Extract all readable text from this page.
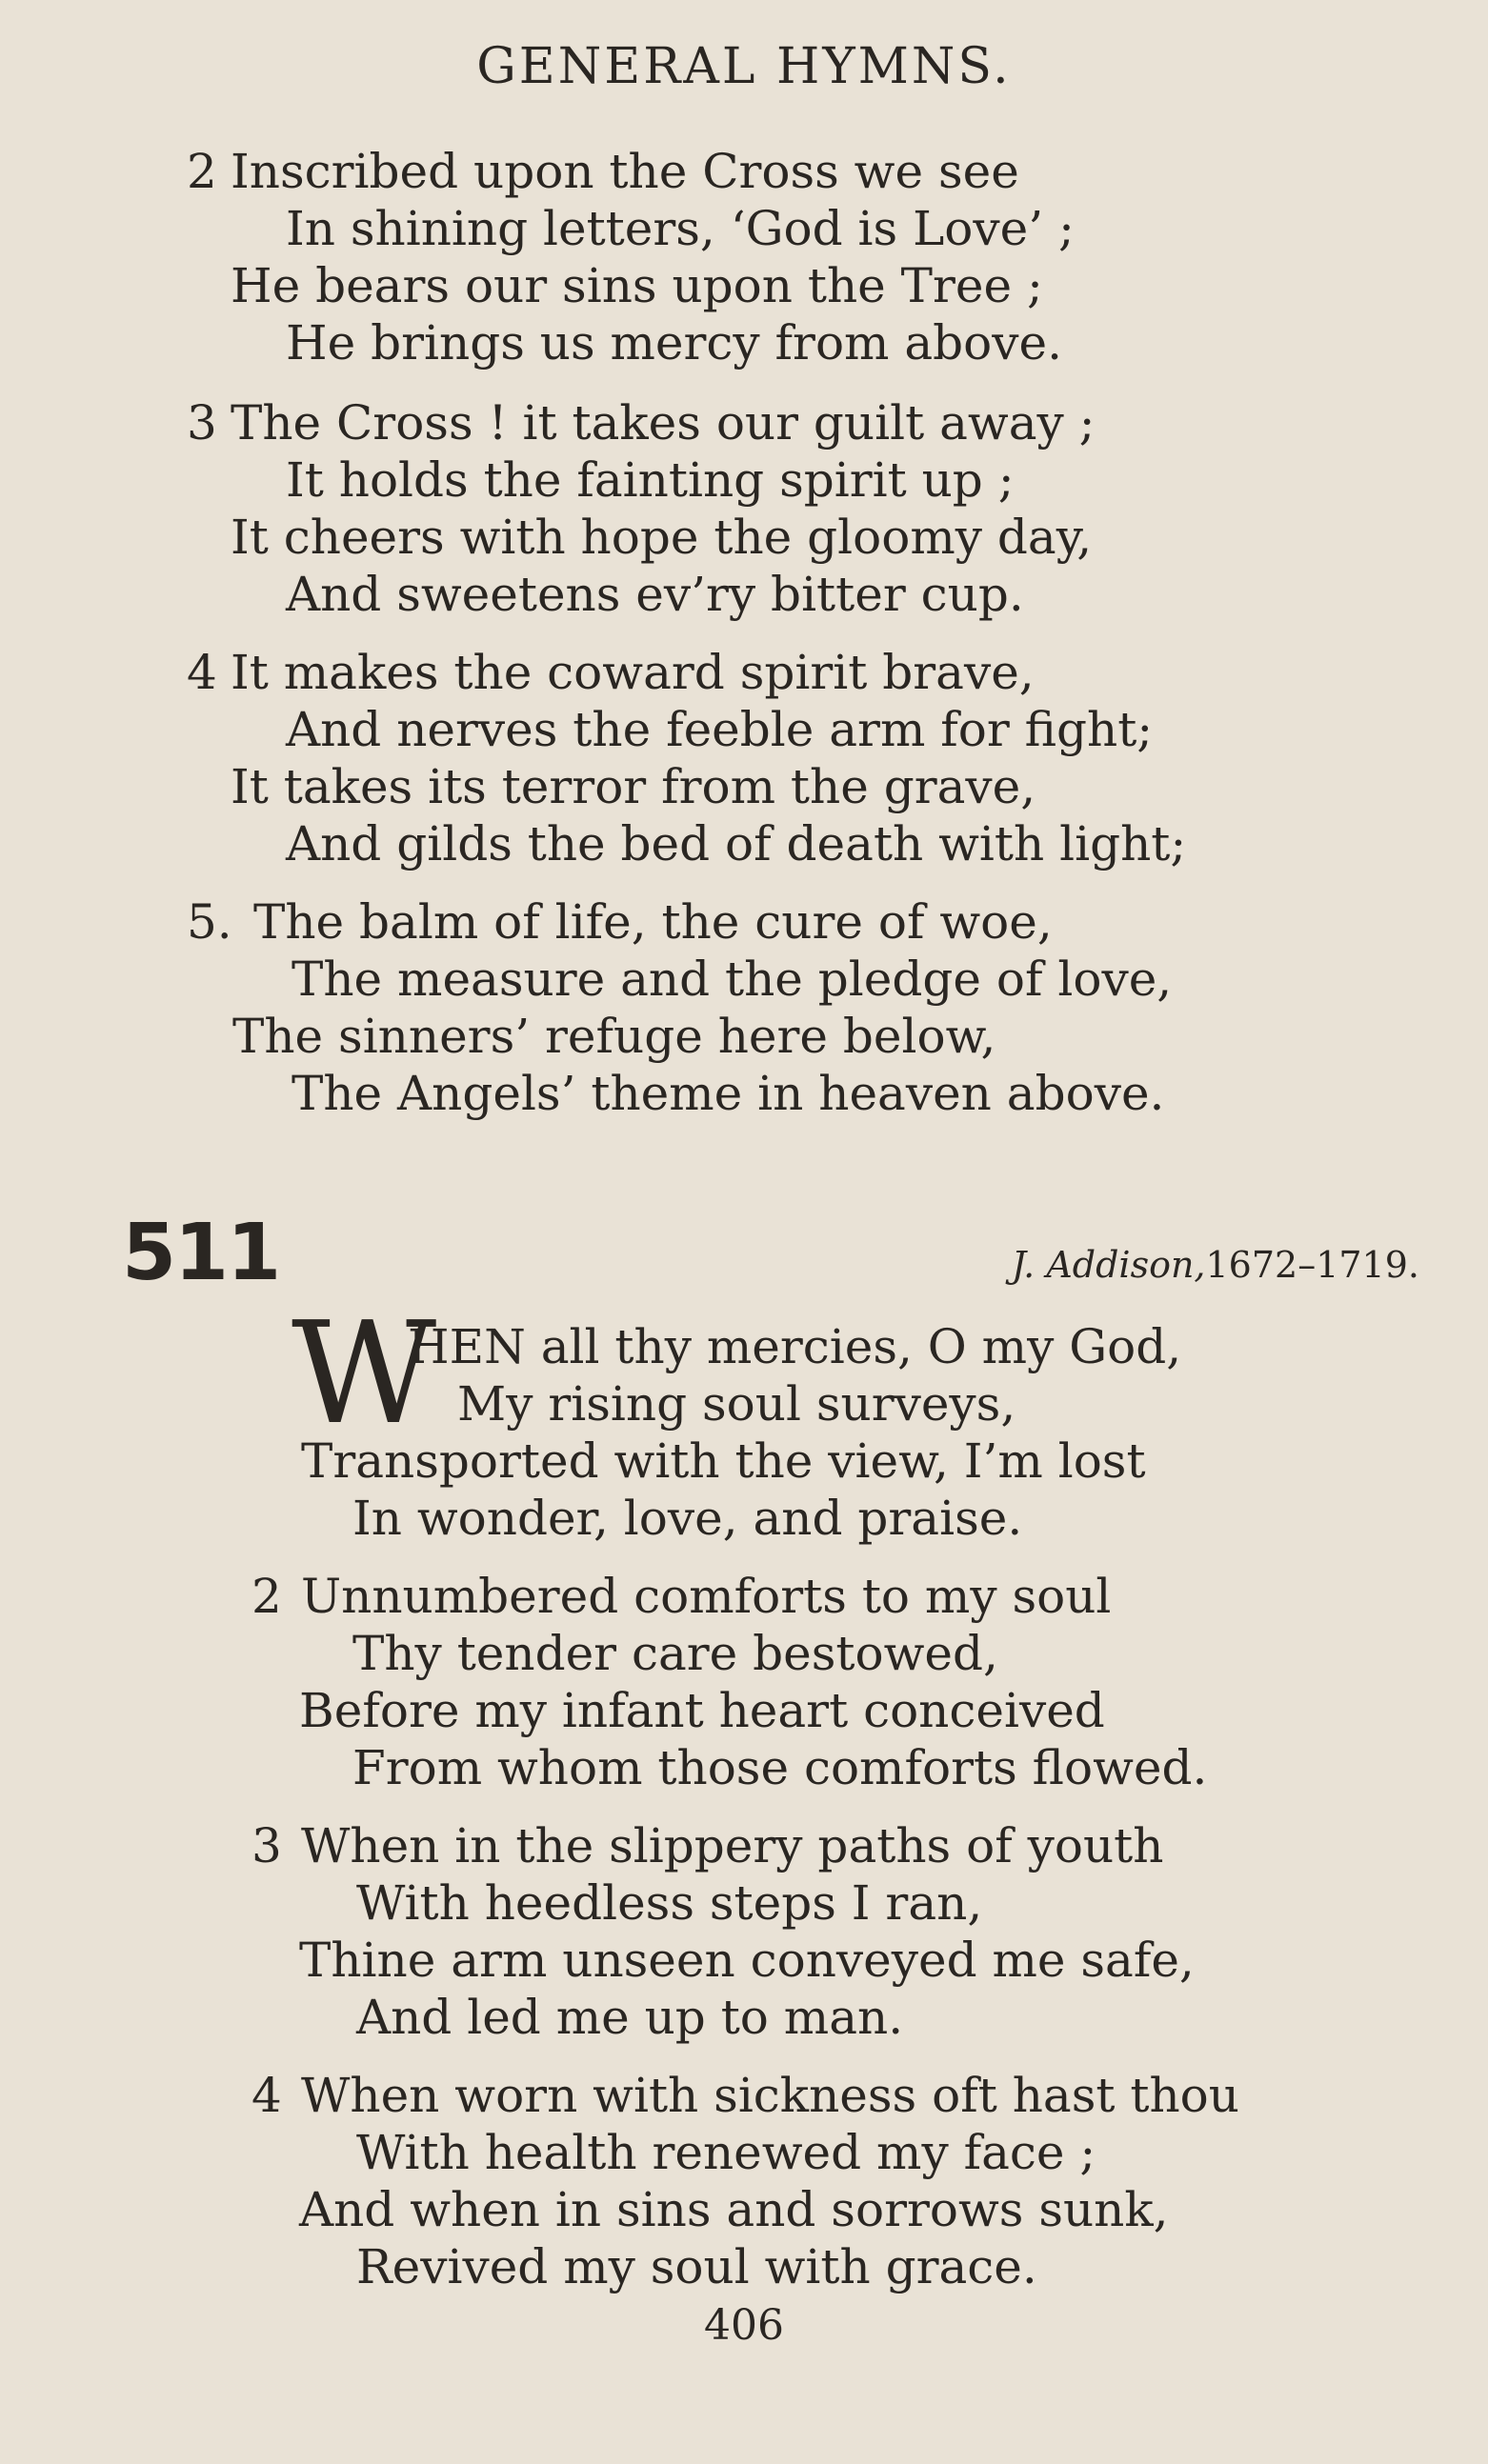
GENERAL HYMNS.
2 Inscribed upon the Cross we see
In shining letters, ‘God is Love’ ;
He bears our sins upon the Tree ;
He brings us mercy from above.
3 The Cross ! it takes our guilt away ;
It holds the fainting spirit up ;
It cheers with hope the gloomy day,
And sweetens ev’ry bitter cup.
4 It makes the coward spirit brave,
And nerves the feeble arm for fight;
It takes its terror from the grave,
And gilds the bed of death with light;
5. The balm of life, the cure of woe,
The measure and the pledge of love,
The sinners’ refuge here below,
The Angels’ theme in heaven above.
511	J. Addison,1672–1719.
W
HEN all thy mercies, O my God,
My rising soul surveys,
Transported with the view, I’m lost
In wonder, love, and praise.
2 Unnumbered comforts to my soul
Thy tender care bestowed,
Before my infant heart conceived
From whom those comforts flowed.
3 When in the slippery paths of youth
With heedless steps I ran,
Thine arm unseen conveyed me safe,
And led me up to man.
4 When worn with sickness oft hast thou
With health renewed my face ;
And when in sins and sorrows sunk,
Revived my soul with grace.
406
